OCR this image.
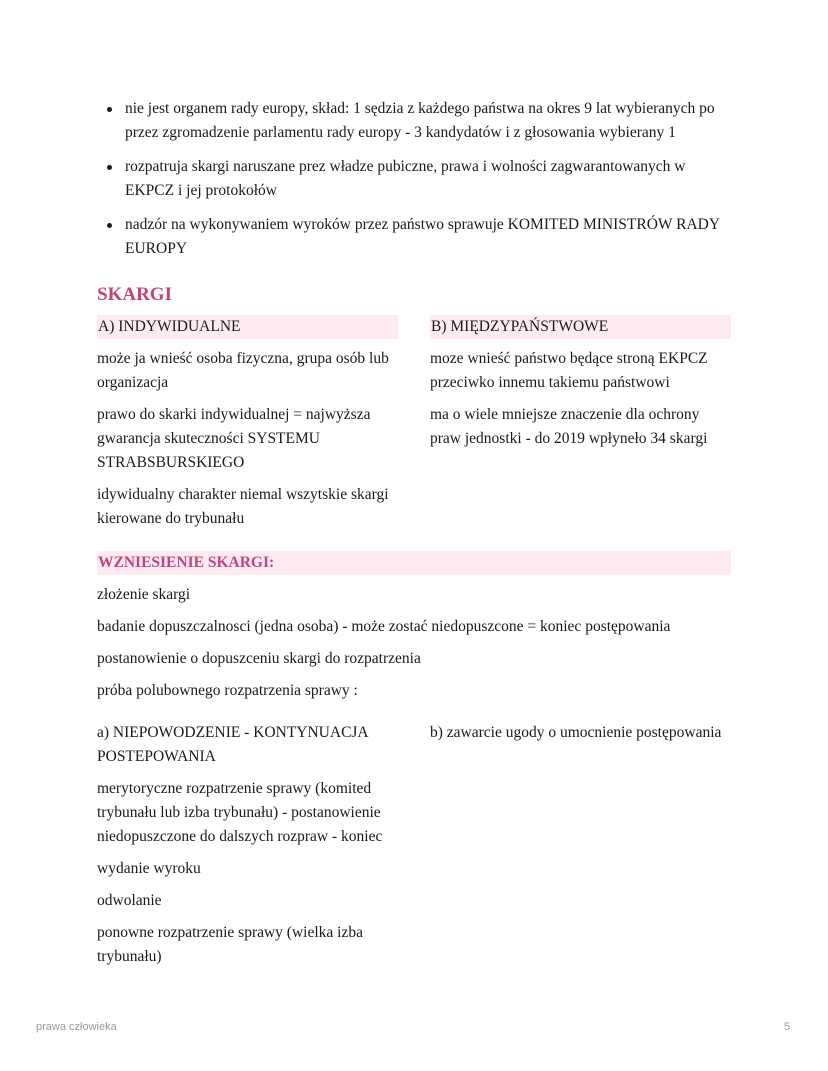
nie jest organem rady europy, skład: 1 sędzia z każdego państwa na okres 9 lat wybieranych po przez zgromadzenie parlamentu rady europy - 3 kandydatów i z głosowania wybierany 1
rozpatruja skargi naruszane prez władze pubiczne, prawa i wolności zagwarantowanych w EKPCZ i jej protokołów
nadzór na wykonywaniem wyroków przez państwo sprawuje KOMITED MINISTRÓW RADY EUROPY
SKARGI
A) INDYWIDUALNE

może ja wnieść osoba fizyczna, grupa osób lub organizacja

prawo do skarki indywidualnej = najwyższa gwarancja skuteczności SYSTEMU STRABSBURSKIEGO

idywidualny charakter niemal wszytskie skargi kierowane do trybunału

B) MIĘDZYPAŃSTWOWE

moze wnieść państwo będące stroną EKPCZ przeciwko innemu takiemu państwowi

ma o wiele mniejsze znaczenie dla ochrony praw jednostki - do 2019 wpłyneło 34 skargi

WZNIESIENIE SKARGI:

złożenie skargi

badanie dopuszczalnosci (jedna osoba) - może zostać niedopuszcone = koniec postępowania

postanowienie o dopuszceniu skargi do rozpatrzenia

próba polubownego rozpatrzenia sprawy :

a) NIEPOWODZENIE - KONTYNUACJA POSTEPOWANIA

merytoryczne rozpatrzenie sprawy (komited trybunału lub izba trybunału) - postanowienie niedopuszczone do dalszych rozpraw - koniec

wydanie wyroku

odwolanie

ponowne rozpatrzenie sprawy (wielka izba trybunału)

b) zawarcie ugody o umocnienie postępowania

prawa człowieka	5
